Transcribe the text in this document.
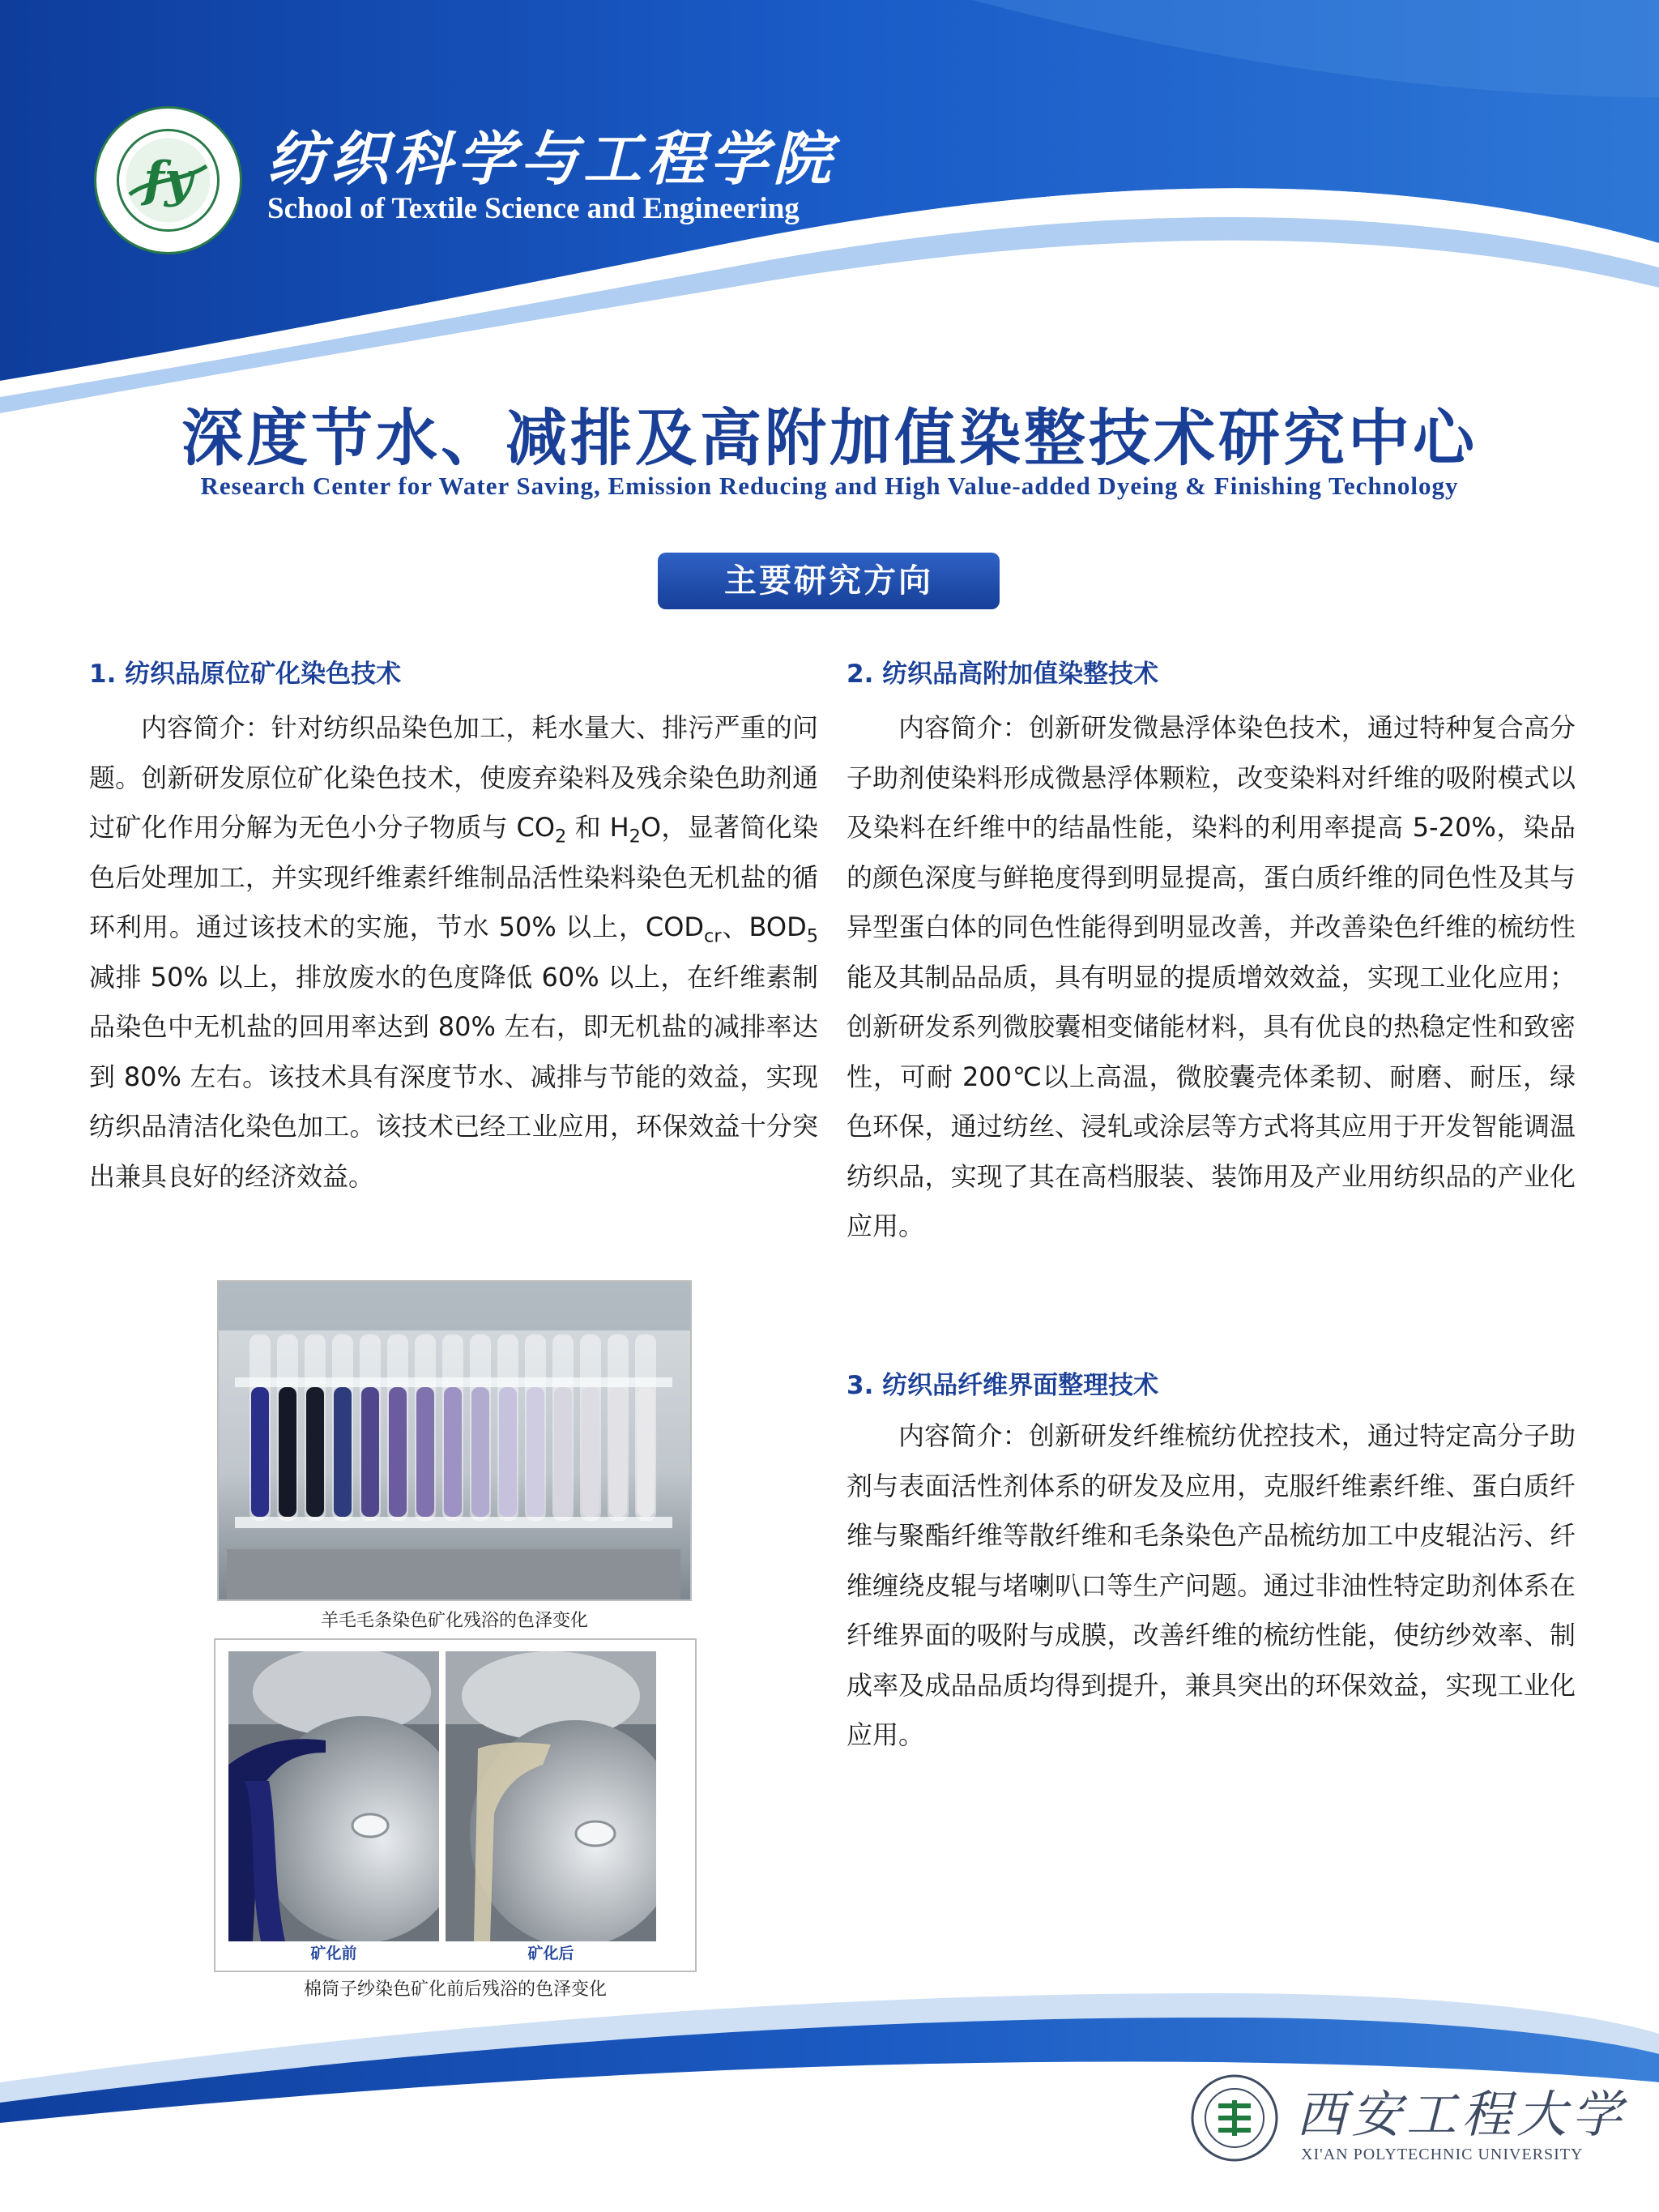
fy 纺织科学与工程学院
School of Textile Science and Engineering
深度节水、减排及高附加值染整技术研究中心
Research Center for Water Saving, Emission Reducing and High Value-added Dyeing & Finishing Technology
主要研究方向
1. 纺织品原位矿化染色技术

内容简介：针对纺织品染色加工，耗水量大、排污严重的问题。创新研发原位矿化染色技术，使废弃染料及残余染色助剂通过矿化作用分解为无色小分子物质与 $CO_2$ 和 $H_2O$，显著简化染色后处理加工，并实现纤维素纤维制品活性染料染色无机盐的循环利用。通过该技术的实施，节水 50% 以上，$COD_{cr}$、$BOD_5$ 减排 50% 以上，排放废水的色度降低 60% 以上，在纤维素制品染色中无机盐的回用率达到 80% 左右，即无机盐的减排率达到 80% 左右。该技术具有深度节水、减排与节能的效益，实现纺织品清洁化染色加工。该技术已经工业应用，环保效益十分突出兼具良好的经济效益。

2. 纺织品高附加值染整技术

内容简介：创新研发微悬浮体染色技术，通过特种复合高分子助剂使染料形成微悬浮体颗粒，改变染料对纤维的吸附模式以及染料在纤维中的结晶性能，染料的利用率提高 5-20%，染品的颜色深度与鲜艳度得到明显提高，蛋白质纤维的同色性及其与异型蛋白体的同色性能得到明显改善，并改善染色纤维的梳纺性能及其制品品质，具有明显的提质增效效益，实现工业化应用；创新研发系列微胶囊相变储能材料，具有优良的热稳定性和致密性，可耐 200℃以上高温，微胶囊壳体柔韧、耐磨、耐压，绿色环保，通过纺丝、浸轧或涂层等方式将其应用于开发智能调温纺织品，实现了其在高档服装、装饰用及产业用纺织品的产业化应用。

3. 纺织品纤维界面整理技术

内容简介：创新研发纤维梳纺优控技术，通过特定高分子助剂与表面活性剂体系的研发及应用，克服纤维素纤维、蛋白质纤维与聚酯纤维等散纤维和毛条染色产品梳纺加工中皮辊沾污、纤维缠绕皮辊与堵喇叭口等生产问题。通过非油性特定助剂体系在纤维界面的吸附与成膜，改善纤维的梳纺性能，使纺纱效率、制成率及成品品质均得到提升，兼具突出的环保效益，实现工业化应用。

羊毛毛条染色矿化残浴的色泽变化
矿化前	矿化后
棉筒子纱染色矿化前后残浴的色泽变化
西安工程大学
XI'AN POLYTECHNIC UNIVERSITY
